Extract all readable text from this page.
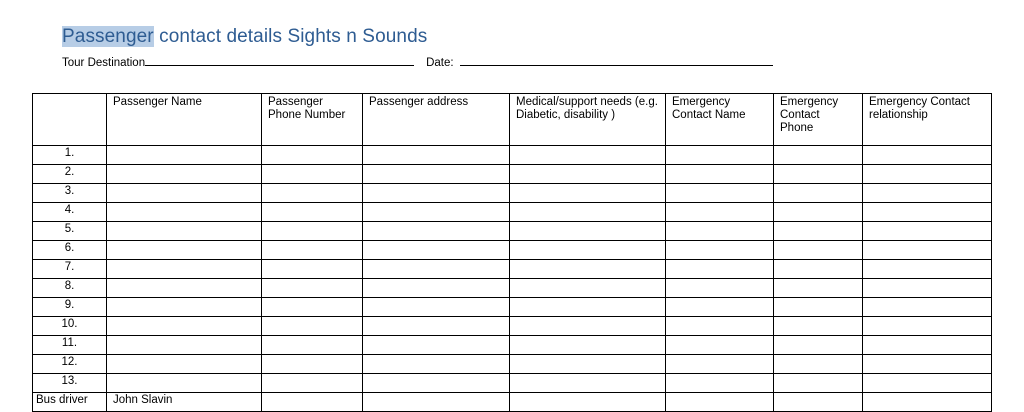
Passenger contact details Sights n Sounds
Tour Destination	Date:
	Passenger Name	Passenger Phone Number	Passenger address	Medical/support needs (e.g. Diabetic, disability )	Emergency Contact Name	Emergency Contact Phone	Emergency Contact relationship
1.							
2.							
3.							
4.							
5.							
6.							
7.							
8.							
9.							
10.							
11.							
12.							
13.							
Bus driver	John Slavin						
